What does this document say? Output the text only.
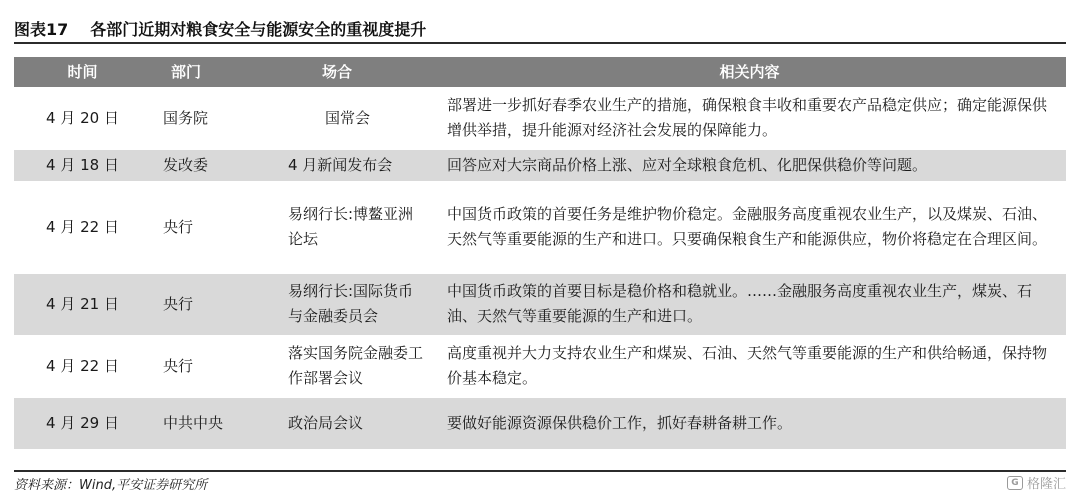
图表17 各部门近期对粮食安全与能源安全的重视度提升
时间	部门	场合	相关内容
4 月 20 日	国务院	国常会	部署进一步抓好春季农业生产的措施，确保粮食丰收和重要农产品稳定供应；确定能源保供增供举措，提升能源对经济社会发展的保障能力。
4 月 18 日	发改委	4 月新闻发布会	回答应对大宗商品价格上涨、应对全球粮食危机、化肥保供稳价等问题。
4 月 22 日	央行	易纲行长:博鳌亚洲论坛	中国货币政策的首要任务是维护物价稳定。金融服务高度重视农业生产，以及煤炭、石油、天然气等重要能源的生产和进口。只要确保粮食生产和能源供应，物价将稳定在合理区间。
4 月 21 日	央行	易纲行长:国际货币与金融委员会	中国货币政策的首要目标是稳价格和稳就业。……金融服务高度重视农业生产，煤炭、石油、天然气等重要能源的生产和进口。
4 月 22 日	央行	落实国务院金融委工作部署会议	高度重视并大力支持农业生产和煤炭、石油、天然气等重要能源的生产和供给畅通，保持物价基本稳定。
4 月 29 日	中共中央	政治局会议	要做好能源资源保供稳价工作，抓好春耕备耕工作。
资料来源：Wind,平安证券研究所	G 格隆汇
